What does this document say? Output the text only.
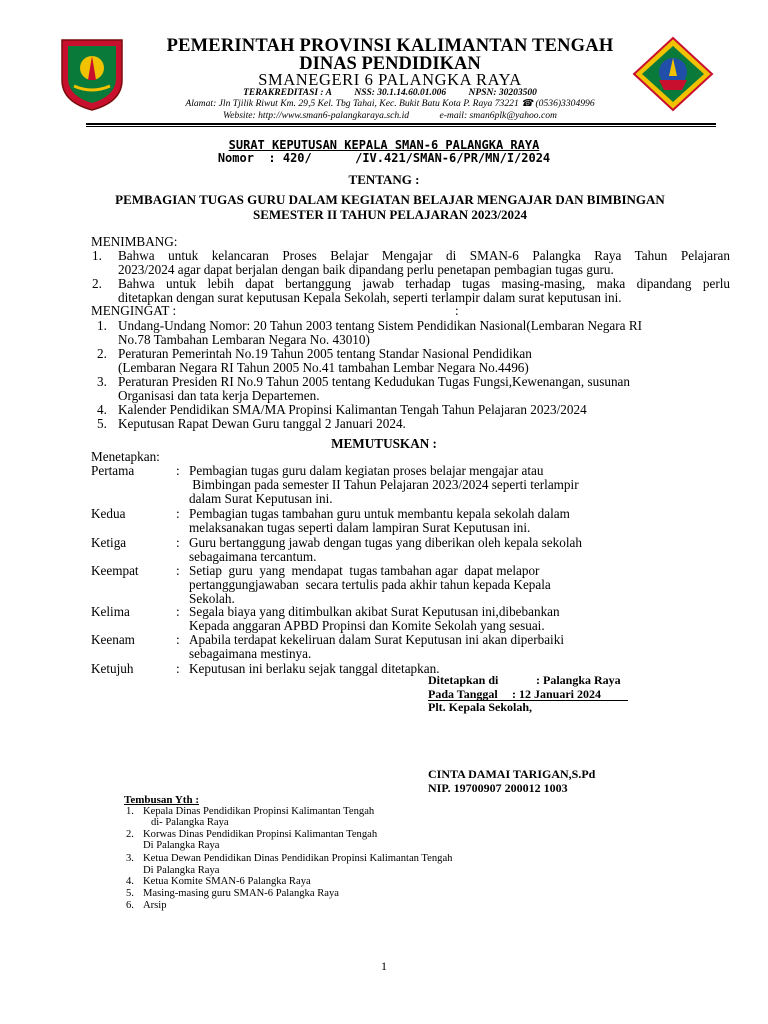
PEMERINTAH PROVINSI KALIMANTAN TENGAH
DINAS PENDIDIKAN
SMANEGERI 6 PALANGKA RAYA
TERAKREDITASI : A NSS: 30.1.14.60.01.006 NPSN: 30203500
Alamat: Jln Tjilik Riwut Km. 29,5 Kel. Tbg Tahai, Kec. Bukit Batu Kota P. Raya 73221 ☎ (0536)3304996
Website: http://www.sman6-palangkaraya.sch.id	e-mail: sman6plk@yahoo.com
SURAT KEPUTUSAN KEPALA SMAN-6 PALANGKA RAYA
Nomor  : 420/      /IV.421/SMAN-6/PR/MN/I/2024
TENTANG :
PEMBAGIAN TUGAS GURU DALAM KEGIATAN BELAJAR MENGAJAR DAN BIMBINGAN
SEMESTER II TAHUN PELAJARAN 2023/2024
MENIMBANG:
1. Bahwa untuk kelancaran Proses Belajar Mengajar di SMAN-6 Palangka Raya Tahun Pelajaran
2023/2024 agar dapat berjalan dengan baik dipandang perlu penetapan pembagian tugas guru.
2. Bahwa untuk lebih dapat bertanggung jawab terhadap tugas masing-masing, maka dipandang perlu
ditetapkan dengan surat keputusan Kepala Sekolah, seperti terlampir dalam surat keputusan ini.
MENGINGAT :	:
1. Undang-Undang Nomor: 20 Tahun 2003 tentang Sistem Pendidikan Nasional(Lembaran Negara RI
No.78 Tambahan Lembaran Negara No. 43010)
2. Peraturan Pemerintah No.19 Tahun 2005 tentang Standar Nasional Pendidikan
(Lembaran Negara RI Tahun 2005 No.41 tambahan Lembar Negara No.4496)
3. Peraturan Presiden RI No.9 Tahun 2005 tentang Kedudukan Tugas Fungsi,Kewenangan, susunan
Organisasi dan tata kerja Departemen.
4. Kalender Pendidikan SMA/MA Propinsi Kalimantan Tengah Tahun Pelajaran 2023/2024
5. Keputusan Rapat Dewan Guru tanggal 2 Januari 2024.
MEMUTUSKAN :
Menetapkan:
Pertama	: Pembagian tugas guru dalam kegiatan proses belajar mengajar atau
Bimbingan pada semester II Tahun Pelajaran 2023/2024 seperti terlampir
dalam Surat Keputusan ini.
Kedua	: Pembagian tugas tambahan guru untuk membantu kepala sekolah dalam
melaksanakan tugas seperti dalam lampiran Surat Keputusan ini.
Ketiga	: Guru bertanggung jawab dengan tugas yang diberikan oleh kepala sekolah
sebagaimana tercantum.
Keempat	: Setiap  guru  yang  mendapat  tugas tambahan agar  dapat melapor
pertanggungjawaban  secara tertulis pada akhir tahun kepada Kepala
Sekolah.
Kelima	: Segala biaya yang ditimbulkan akibat Surat Keputusan ini,dibebankan
Kepada anggaran APBD Propinsi dan Komite Sekolah yang sesuai.
Keenam	: Apabila terdapat kekeliruan dalam Surat Keputusan ini akan diperbaiki
sebagaimana mestinya.
Ketujuh	: Keputusan ini berlaku sejak tanggal ditetapkan.
Ditetapkan di	: Palangka Raya
Pada Tanggal : 12 Januari 2024
Plt. Kepala Sekolah,
CINTA DAMAI TARIGAN,S.Pd
NIP. 19700907 200012 1003
Tembusan Yth :
1. Kepala Dinas Pendidikan Propinsi Kalimantan Tengah
di- Palangka Raya
2. Korwas Dinas Pendidikan Propinsi Kalimantan Tengah
Di Palangka Raya
3. Ketua Dewan Pendidikan Dinas Pendidikan Propinsi Kalimantan Tengah
Di Palangka Raya
4. Ketua Komite SMAN-6 Palangka Raya
5. Masing-masing guru SMAN-6 Palangka Raya
6. Arsip
1
